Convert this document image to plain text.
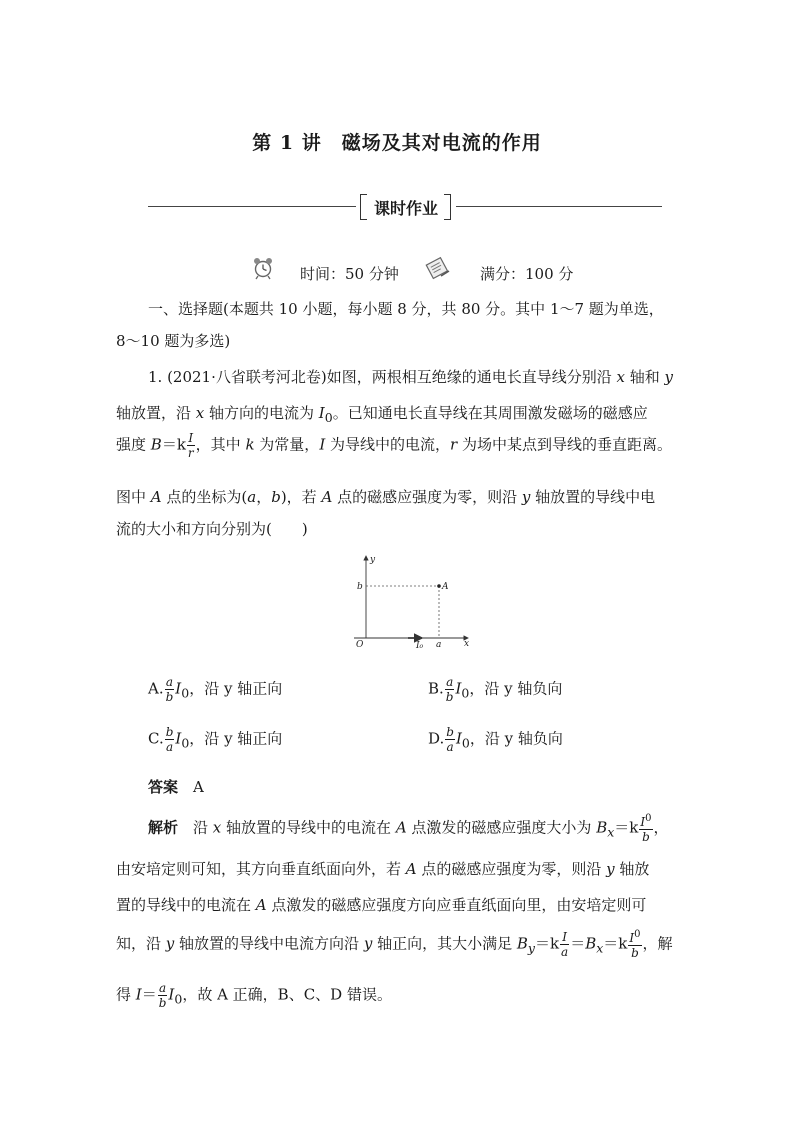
第 1 讲　磁场及其对电流的作用
课时作业
时间：50 分钟	满分：100 分
一、选择题(本题共 10 小题，每小题 8 分，共 80 分。其中 1～7 题为单选，
8～10 题为多选)
1. (2021·八省联考河北卷)如图，两根相互绝缘的通电长直导线分别沿 x 轴和 y
轴放置，沿 x 轴方向的电流为 $I_0$。已知通电长直导线在其周围激发磁场的磁感应
强度 $B=k \frac{I}{r}$ ，其中 k 为常量，I 为导线中的电流，r 为场中某点到导线的垂直距离。
图中 A 点的坐标为(a，b)，若 A 点的磁感应强度为零，则沿 y 轴放置的导线中电
流的大小和方向分别为(　　)
y
b	A
O	I₀ a	x
A. $\frac{a}{b} I_0$，沿 y 轴正向	B. $\frac{a}{b} I_0$，沿 y 轴负向
C. $\frac{b}{a} I_0$，沿 y 轴正向	D. $\frac{b}{a} I_0$，沿 y 轴负向
答案　 A
解析　沿 x 轴放置的导线中的电流在 A 点激发的磁感应强度大小为 $B_x=k \frac{I^0}{b}$ ，
由安培定则可知，其方向垂直纸面向外，若 A 点的磁感应强度为零，则沿 y 轴放
置的导线中的电流在 A 点激发的磁感应强度方向应垂直纸面向里，由安培定则可
知，沿 y 轴放置的导线中电流方向沿 y 轴正向，其大小满足 $B_y=k \frac{I}{a} =B_x=k \frac{I^0}{b}$ ，解
得 $I= \frac{a}{b} I_0$，故 A 正确，B、C、D 错误。
